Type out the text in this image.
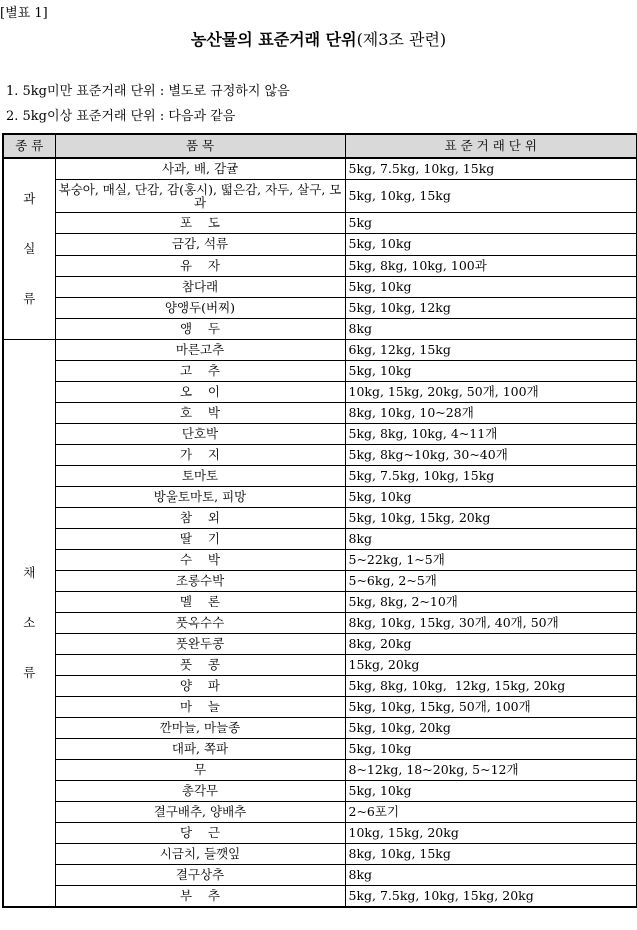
[별표 1]
농산물의 표준거래 단위(제3조 관련)
1. 5kg미만 표준거래 단위 : 별도로 규정하지 않음
2. 5kg이상 표준거래 단위 : 다음과 같음
종 류	품 목	표 준 거 래 단 위

과
실
류	사과, 배, 감귤	5kg, 7.5kg, 10kg, 15kg
	복숭아, 매실, 단감, 감(홍시), 떫은감, 자두, 살구, 모과	5kg, 10kg, 15kg
	포    도	5kg
	금감, 석류	5kg, 10kg
	유    자	5kg, 8kg, 10kg, 100과
	참다래	5kg, 10kg
	양앵두(버찌)	5kg, 10kg, 12kg
	앵    두	8kg

채
소
류	마른고추	6kg, 12kg, 15kg
	고    추	5kg, 10kg
	오    이	10kg, 15kg, 20kg, 50개, 100개
	호    박	8kg, 10kg, 10~28개
	단호박	5kg, 8kg, 10kg, 4~11개
	가    지	5kg, 8kg~10kg, 30~40개
	토마토	5kg, 7.5kg, 10kg, 15kg
	방울토마토, 피망	5kg, 10kg
	참    외	5kg, 10kg, 15kg, 20kg
	딸    기	8kg
	수    박	5~22kg, 1~5개
	조롱수박	5~6kg, 2~5개
	멜    론	5kg, 8kg, 2~10개
	풋옥수수	8kg, 10kg, 15kg, 30개, 40개, 50개
	풋완두콩	8kg, 20kg
	풋    콩	15kg, 20kg
	양    파	5kg, 8kg, 10kg,  12kg, 15kg, 20kg
	마    늘	5kg, 10kg, 15kg, 50개, 100개
	깐마늘, 마늘종	5kg, 10kg, 20kg
	대파, 쪽파	5kg, 10kg
	무	8~12kg, 18~20kg, 5~12개
	총각무	5kg, 10kg
	결구배추, 양배추	2~6포기
	당    근	10kg, 15kg, 20kg
	시금치, 들깻잎	8kg, 10kg, 15kg
	결구상추	8kg
	부    추	5kg, 7.5kg, 10kg, 15kg, 20kg
